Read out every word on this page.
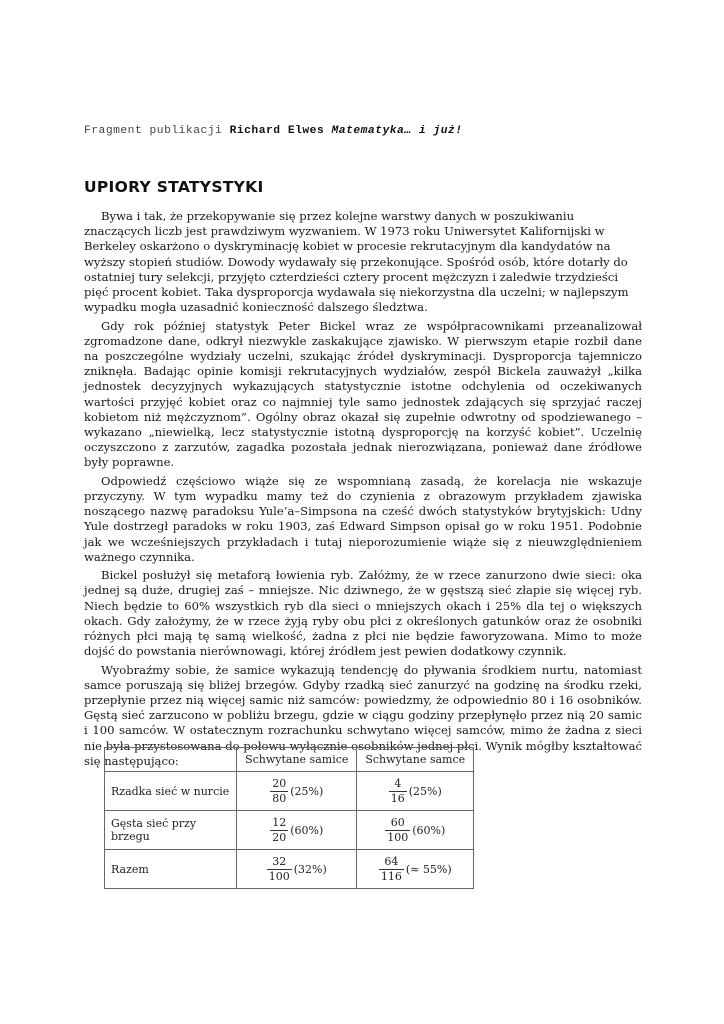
Fragment publikacji Richard Elwes Matematyka… i już!
UPIORY STATYSTYKI

Bywa i tak, że przekopywanie się przez kolejne warstwy danych w poszukiwaniu znaczących liczb jest prawdziwym wyzwaniem. W 1973 roku Uniwersytet Kalifornijski w Berkeley oskarżono o dyskryminację kobiet w procesie rekrutacyjnym dla kandydatów na wyższy stopień studiów. Dowody wydawały się przekonujące. Spośród osób, które dotarły do ostatniej tury selekcji, przyjęto czterdzieści cztery procent mężczyzn i zaledwie trzydzieści pięć procent kobiet. Taka dysproporcja wydawała się niekorzystna dla uczelni; w najlepszym wypadku mogła uzasadnić konieczność dalszego śledztwa.

Gdy rok później statystyk Peter Bickel wraz ze współpracownikami przeanalizował zgromadzone dane, odkrył niezwykle zaskakujące zjawisko. W pierwszym etapie rozbił dane na poszczególne wydziały uczelni, szukając źródeł dyskryminacji. Dysproporcja tajemniczo zniknęła. Badając opinie komisji rekrutacyjnych wydziałów, zespół Bickela zauważył „kilka jednostek decyzyjnych wykazujących statystycznie istotne odchylenia od oczekiwanych wartości przyjęć kobiet oraz co najmniej tyle samo jednostek zdających się sprzyjać raczej kobietom niż mężczyznom”. Ogólny obraz okazał się zupełnie odwrotny od spodziewanego – wykazano „niewielką, lecz statystycznie istotną dysproporcję na korzyść kobiet”. Uczelnię oczyszczono z zarzutów, zagadka pozostała jednak nierozwiązana, ponieważ dane źródłowe były poprawne.

Odpowiedź częściowo wiąże się ze wspomnianą zasadą, że korelacja nie wskazuje przyczyny. W tym wypadku mamy też do czynienia z obrazowym przykładem zjawiska noszącego nazwę paradoksu Yule’a–Simpsona na cześć dwóch statystyków brytyjskich: Udny Yule dostrzegł paradoks w roku 1903, zaś Edward Simpson opisał go w roku 1951. Podobnie jak we wcześniejszych przykładach i tutaj nieporozumienie wiąże się z nieuwzględnieniem ważnego czynnika.

Bickel posłużył się metaforą łowienia ryb. Załóżmy, że w rzece zanurzono dwie sieci: oka jednej są duże, drugiej zaś – mniejsze. Nic dziwnego, że w gęstszą sieć złapie się więcej ryb. Niech będzie to 60% wszystkich ryb dla sieci o mniejszych okach i 25% dla tej o większych okach. Gdy założymy, że w rzece żyją ryby obu płci z określonych gatunków oraz że osobniki różnych płci mają tę samą wielkość, żadna z płci nie będzie faworyzowana. Mimo to może dojść do powstania nierównowagi, której źródłem jest pewien dodatkowy czynnik.

Wyobraźmy sobie, że samice wykazują tendencję do pływania środkiem nurtu, natomiast samce poruszają się bliżej brzegów. Gdyby rzadką sieć zanurzyć na godzinę na środku rzeki, przepłynie przez nią więcej samic niż samców: powiedzmy, że odpowiednio 80 i 16 osobników. Gęstą sieć zarzucono w pobliżu brzegu, gdzie w ciągu godziny przepłynęło przez nią 20 samic i 100 samców. W ostatecznym rozrachunku schwytano więcej samców, mimo że żadna z sieci nie była przystosowana do połowu wyłącznie osobników jednej płci. Wynik mógłby kształtować się następująco:

		Schwytane samice	Schwytane samce
Rzadka sieć w nurcie	$\frac{20}{80} (25\%)$	$\frac{4}{16} (25\%)$
Gęsta sieć przy brzegu	$\frac{12}{20} (60\%)$	$\frac{60}{100} (60\%)$
Razem	$\frac{32}{100} (32\%)$	$\frac{64}{116}$ (≈ 55%)
